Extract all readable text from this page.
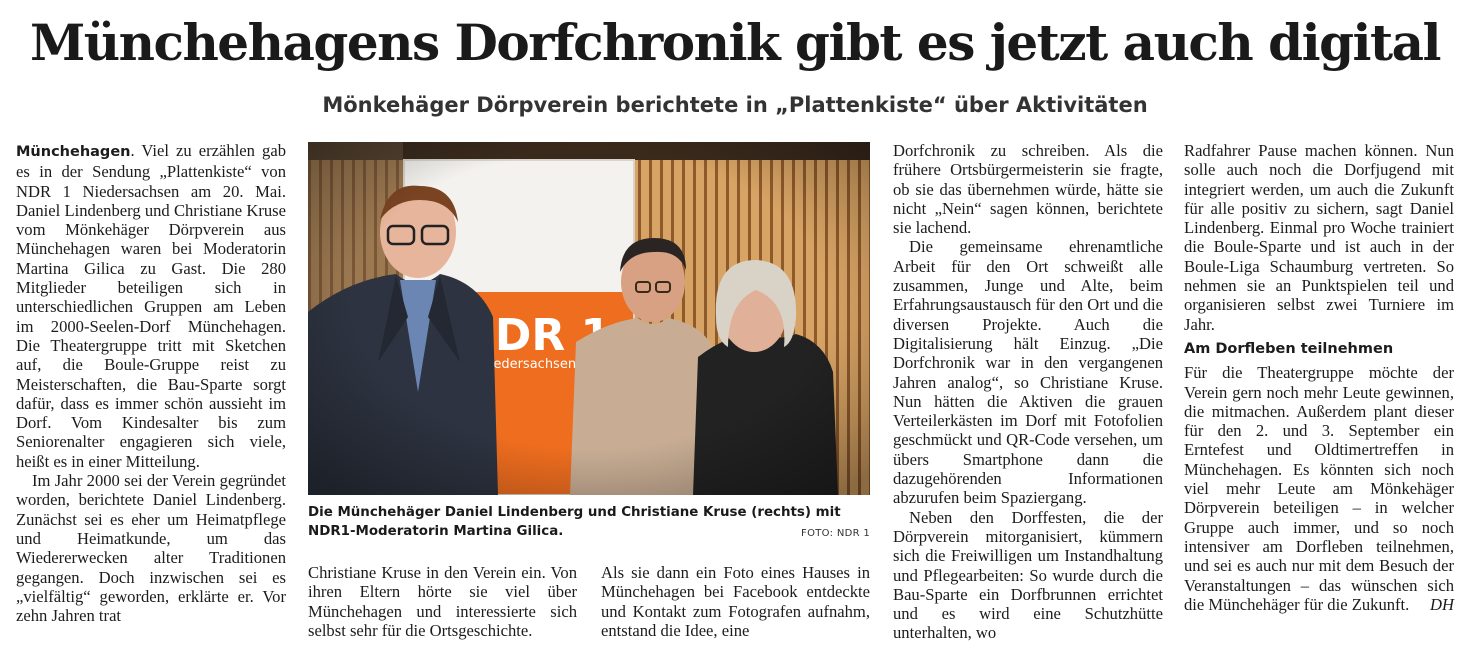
Münchehagens Dorfchronik gibt es jetzt auch digital
Mönkehäger Dörpverein berichtete in „Plattenkiste“ über Aktivitäten

Münchehagen. Viel zu erzählen gab es in der Sendung „Plattenkiste“ von NDR 1 Niedersachsen am 20. Mai. Daniel Lindenberg und Christiane Kruse vom Mönkehäger Dörpverein aus Münchehagen waren bei Moderatorin Martina Gilica zu Gast. Die 280 Mitglieder beteiligen sich in unterschiedlichen Gruppen am Leben im 2000-Seelen-Dorf Münchehagen. Die Theatergruppe tritt mit Sketchen auf, die Boule-Gruppe reist zu Meisterschaften, die Bau-Sparte sorgt dafür, dass es immer schön aussieht im Dorf. Vom Kindesalter bis zum Seniorenalter engagieren sich viele, heißt es in einer Mitteilung.

Im Jahr 2000 sei der Verein gegründet worden, berichtete Daniel Lindenberg. Zunächst sei es eher um Heimatpflege und Heimatkunde, um das Wiedererwecken alter Traditionen gegangen. Doch inzwischen sei es „vielfältig“ geworden, erklärte er. Vor zehn Jahren trat

Die Münchehäger Daniel Lindenberg und Christiane Kruse (rechts) mit NDR1-Moderatorin Martina Gilica.	FOTO: NDR 1

Christiane Kruse in den Verein ein. Von ihren Eltern hörte sie viel über Münchehagen und interessierte sich selbst sehr für die Ortsgeschichte.

Als sie dann ein Foto eines Hauses in Münchehagen bei Facebook entdeckte und Kontakt zum Fotografen aufnahm, entstand die Idee, eine

Dorfchronik zu schreiben. Als die frühere Ortsbürgermeisterin sie fragte, ob sie das übernehmen würde, hätte sie nicht „Nein“ sagen können, berichtete sie lachend.

Die gemeinsame ehrenamtliche Arbeit für den Ort schweißt alle zusammen, Junge und Alte, beim Erfahrungsaustausch für den Ort und die diversen Projekte. Auch die Digitalisierung hält Einzug. „Die Dorfchronik war in den vergangenen Jahren analog“, so Christiane Kruse. Nun hätten die Aktiven die grauen Verteilerkästen im Dorf mit Fotofolien geschmückt und QR-Code versehen, um übers Smartphone dann die dazugehörenden Informationen abzurufen beim Spaziergang.

Neben den Dorffesten, die der Dörpverein mitorganisiert, kümmern sich die Freiwilligen um Instandhaltung und Pflegearbeiten: So wurde durch die Bau-Sparte ein Dorfbrunnen errichtet und es wird eine Schutzhütte unterhalten, wo

Radfahrer Pause machen können. Nun solle auch noch die Dorfjugend mit integriert werden, um auch die Zukunft für alle positiv zu sichern, sagt Daniel Lindenberg. Einmal pro Woche trainiert die Boule-Sparte und ist auch in der Boule-Liga Schaumburg vertreten. So nehmen sie an Punktspielen teil und organisieren selbst zwei Turniere im Jahr.

Am Dorfleben teilnehmen

Für die Theatergruppe möchte der Verein gern noch mehr Leute gewinnen, die mitmachen. Außerdem plant dieser für den 2. und 3. September ein Erntefest und Oldtimertreffen in Münchehagen. Es könnten sich noch viel mehr Leute am Mönkehäger Dörpverein beteiligen – in welcher Gruppe auch immer, und so noch intensiver am Dorfleben teilnehmen, und sei es auch nur mit dem Besuch der Veranstaltungen – das wünschen sich die Münchehäger für die Zukunft. DH
